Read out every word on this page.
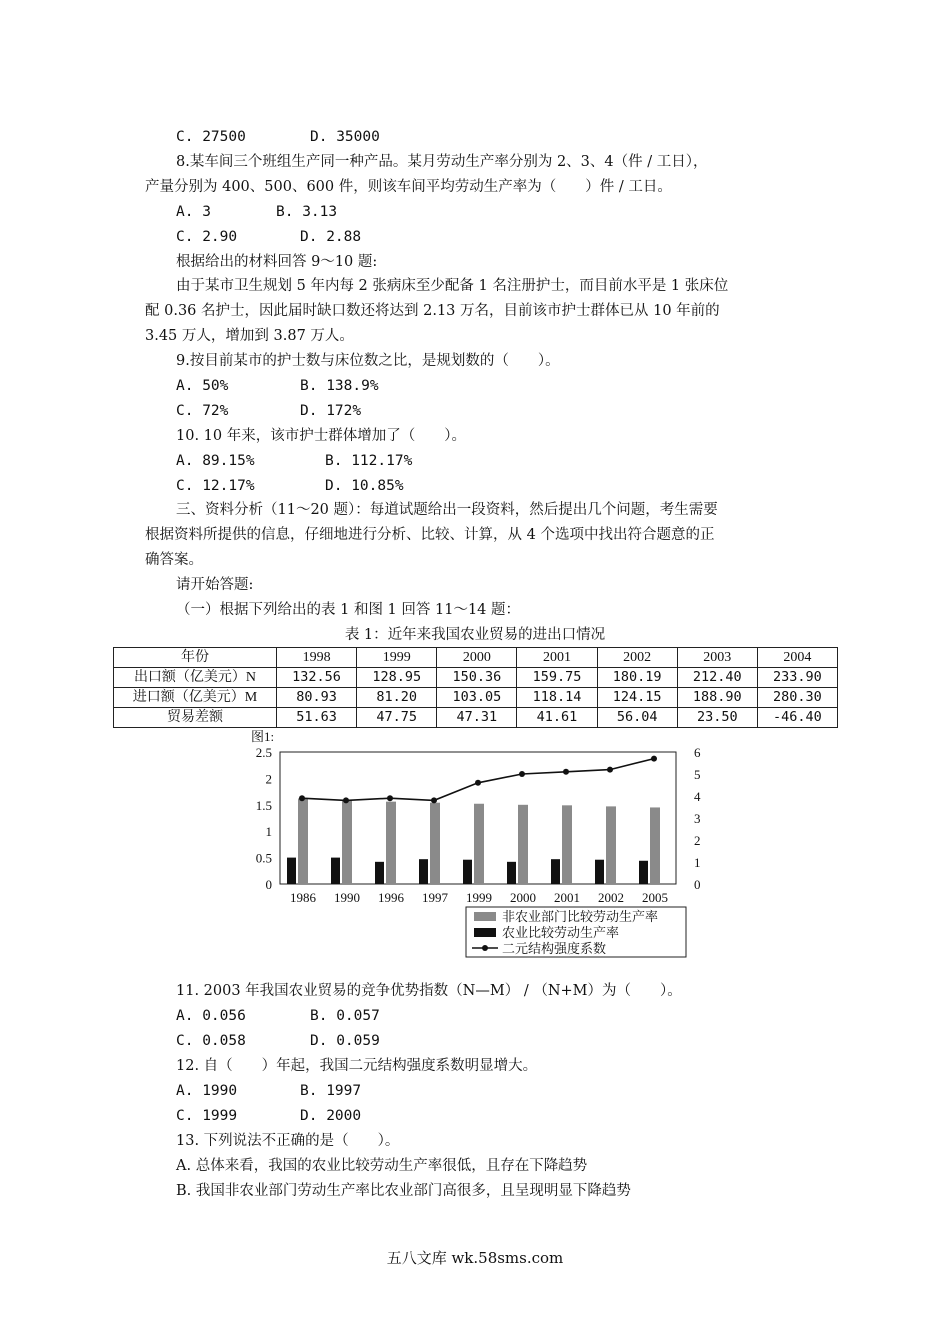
C. 27500	D. 35000
8.某车间三个班组生产同一种产品。某月劳动生产率分别为 2、3、4（件 / 工日），
产量分别为 400、500、600 件，则该车间平均劳动生产率为（　　）件 / 工日。
A. 3	B. 3.13
C. 2.90	D. 2.88
根据给出的材料回答 9～10 题:
由于某市卫生规划 5 年内每 2 张病床至少配备 1 名注册护士，而目前水平是 1 张床位
配 0.36 名护士，因此届时缺口数还将达到 2.13 万名，目前该市护士群体已从 10 年前的
3.45 万人，增加到 3.87 万人。
9.按目前某市的护士数与床位数之比，是规划数的（　　）。
A. 50%	B. 138.9%
C. 72%	D. 172%
10. 10 年来，该市护士群体增加了（　　）。
A. 89.15%	B. 112.17%
C. 12.17%	D. 10.85%
三、资料分析（11～20 题）：每道试题给出一段资料，然后提出几个问题，考生需要
根据资料所提供的信息，仔细地进行分析、比较、计算，从 4 个选项中找出符合题意的正
确答案。
请开始答题:
（一）根据下列给出的表 1 和图 1 回答 11～14 题：
表 1：近年来我国农业贸易的进出口情况
年份	1998	1999	2000	2001	2002	2003	2004
出口额（亿美元）N	132.56	128.95	150.36	159.75	180.19	212.40	233.90
进口额（亿美元）M	80.93	81.20	103.05	118.14	124.15	188.90	280.30
贸易差额	51.63	47.75	47.31	41.61	56.04	23.50	-46.40
图1:
0
0.5
1
1.5
2
2.5
0
1
2
3
4
5
6
1986 1990 1996 1997 1999 2000 2001 2002 2005
非农业部门比较劳动生产率
农业比较劳动生产率
二元结构强度系数
11. 2003 年我国农业贸易的竞争优势指数（N—M） / （N+M）为（　　）。
A. 0.056	B. 0.057
C. 0.058	D. 0.059
12. 自（　　）年起，我国二元结构强度系数明显增大。
A. 1990	B. 1997
C. 1999	D. 2000
13. 下列说法不正确的是（　　）。
A. 总体来看，我国的农业比较劳动生产率很低，且存在下降趋势
B. 我国非农业部门劳动生产率比农业部门高很多，且呈现明显下降趋势
五八文库 wk.58sms.com
